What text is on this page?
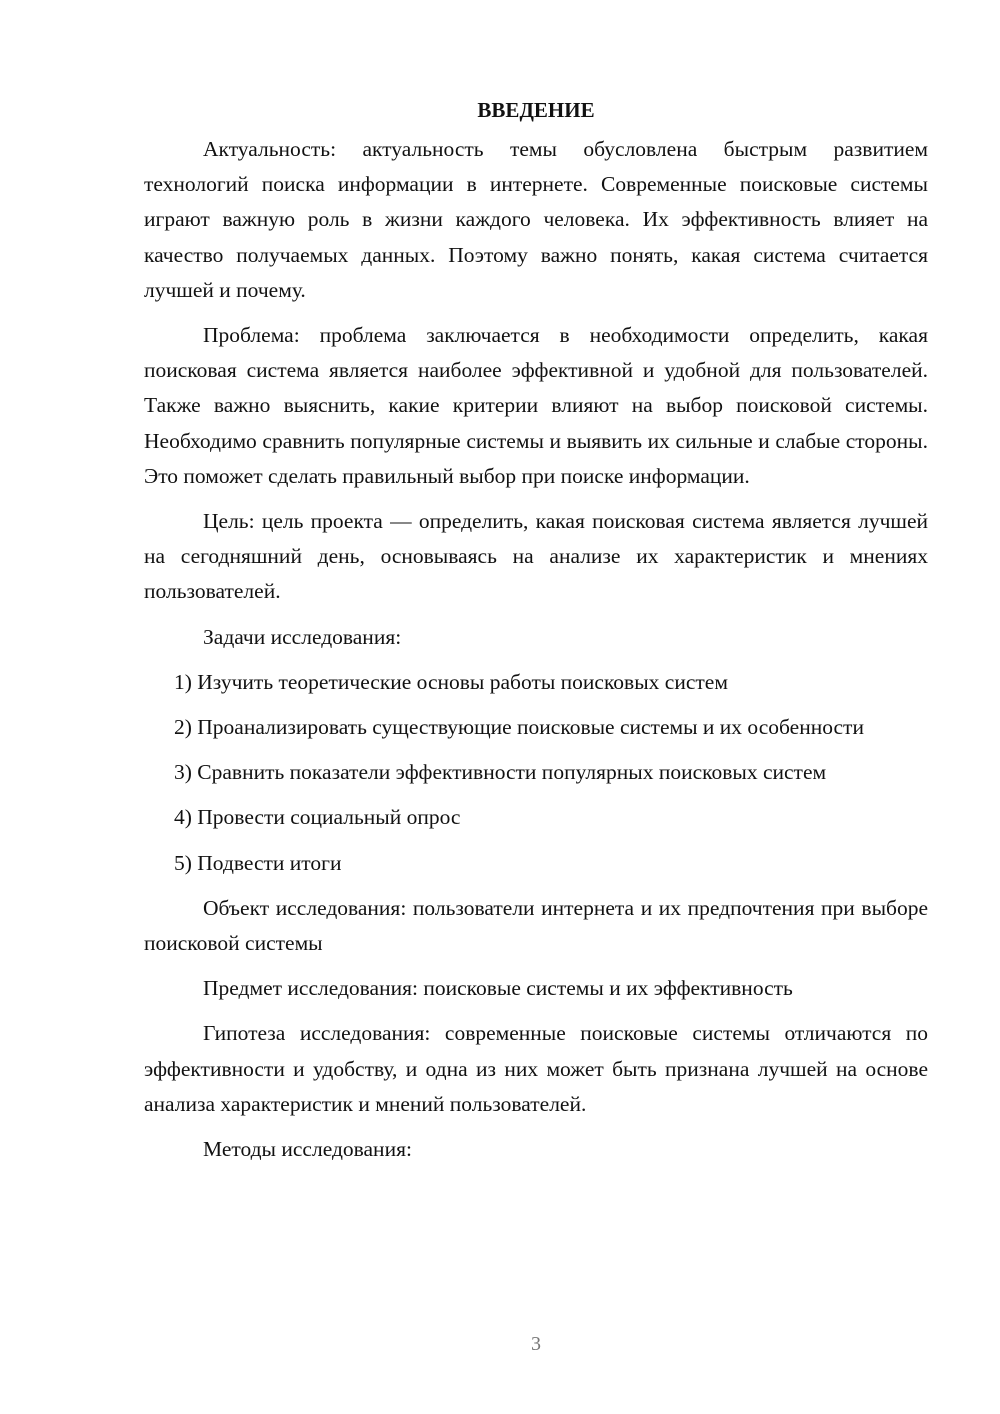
ВВЕДЕНИЕ

Актуальность: актуальность темы обусловлена быстрым развитием технологий поиска информации в интернете. Современные поисковые системы играют важную роль в жизни каждого человека. Их эффективность влияет на качество получаемых данных. Поэтому важно понять, какая система считается лучшей и почему.

Проблема: проблема заключается в необходимости определить, какая поисковая система является наиболее эффективной и удобной для пользователей. Также важно выяснить, какие критерии влияют на выбор поисковой системы. Необходимо сравнить популярные системы и выявить их сильные и слабые стороны. Это поможет сделать правильный выбор при поиске информации.

Цель: цель проекта — определить, какая поисковая система является лучшей на сегодняшний день, основываясь на анализе их характеристик и мнениях пользователей.

Задачи исследования:

1) Изучить теоретические основы работы поисковых систем

2) Проанализировать существующие поисковые системы и их особенности

3) Сравнить показатели эффективности популярных поисковых систем

4) Провести социальный опрос

5) Подвести итоги

Объект исследования: пользователи интернета и их предпочтения при выборе поисковой системы

Предмет исследования: поисковые системы и их эффективность

Гипотеза исследования: современные поисковые системы отличаются по эффективности и удобству, и одна из них может быть признана лучшей на основе анализа характеристик и мнений пользователей.

Методы исследования:

3
